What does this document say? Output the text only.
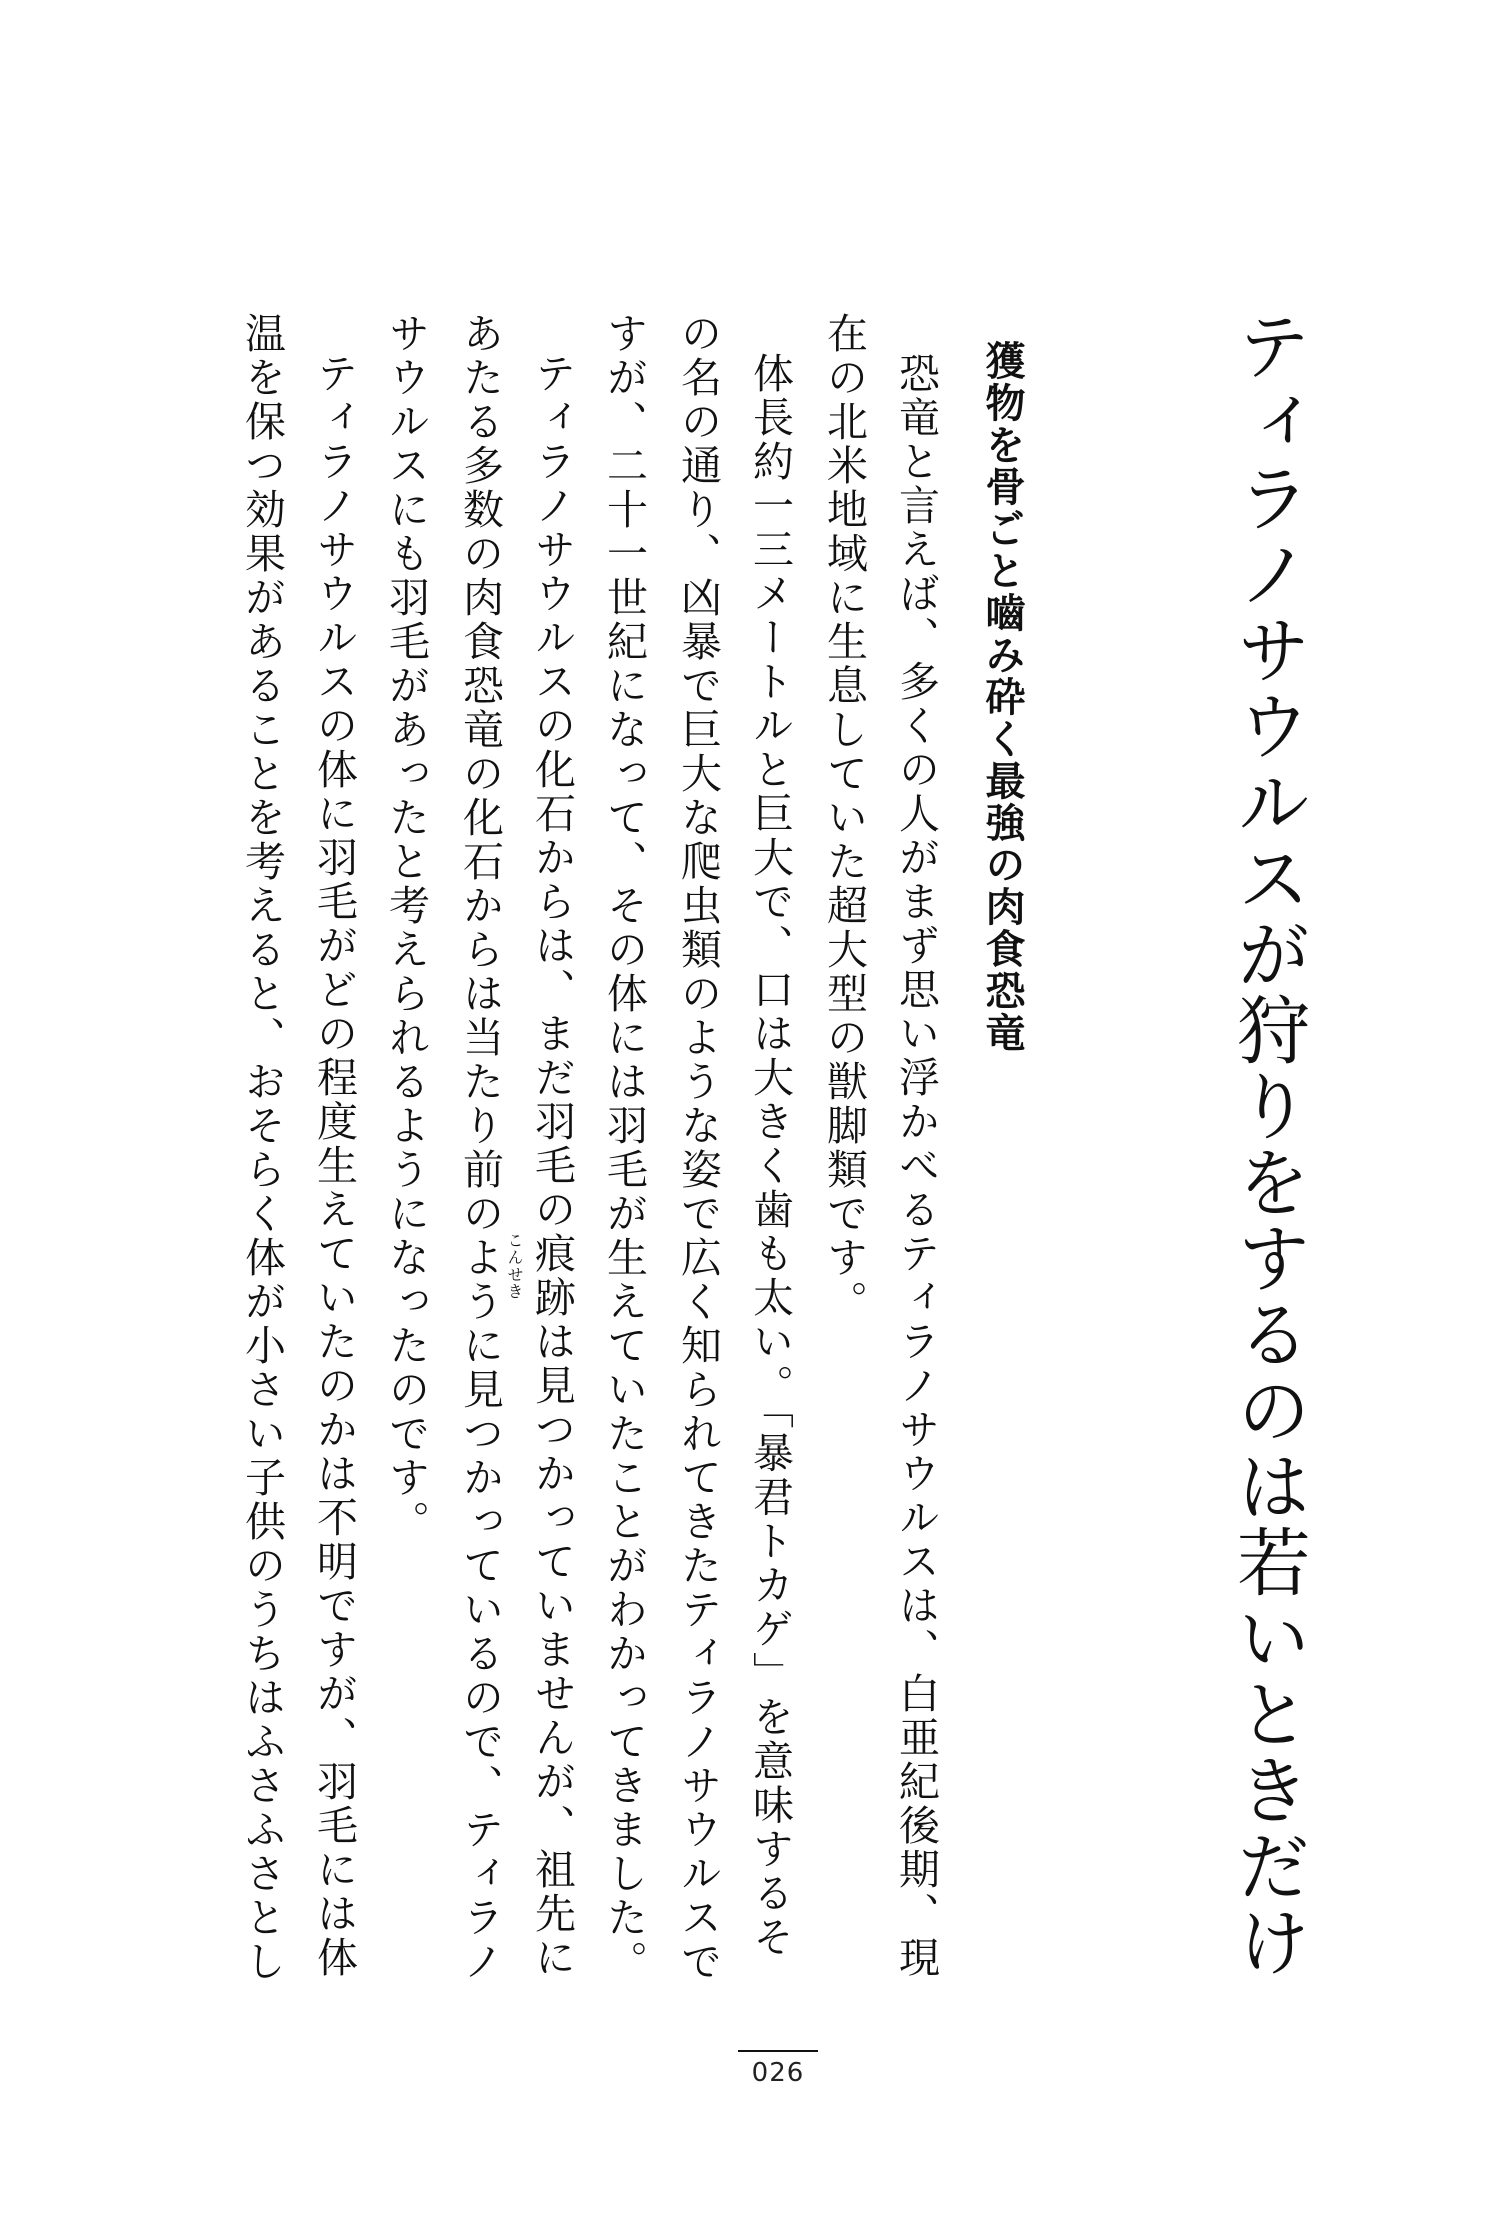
ティラノサウルスが狩りをするのは若いときだけ
獲物を骨ごと嚙み砕く最強の肉食恐竜
恐竜と言えば、多くの人がまず思い浮かべるティラノサウルスは、白亜紀後期、現
在の北米地域に生息していた超大型の獣脚類です。
体長約一三メートルと巨大で、口は大きく歯も太い。「暴君トカゲ」を意味するそ
の名の通り、凶暴で巨大な爬虫類のような姿で広く知られてきたティラノサウルスで
すが、二十一世紀になって、その体には羽毛が生えていたことがわかってきました。
ティラノサウルスの化石からは、まだ羽毛の痕跡
こんせき
は見つかっていませんが、祖先に
あたる多数の肉食恐竜の化石からは当たり前のように見つかっているので、ティラノ
サウルスにも羽毛があったと考えられるようになったのです。
ティラノサウルスの体に羽毛がどの程度生えていたのかは不明ですが、羽毛には体
温を保つ効果があることを考えると、おそらく体が小さい子供のうちはふさふさとし
026
